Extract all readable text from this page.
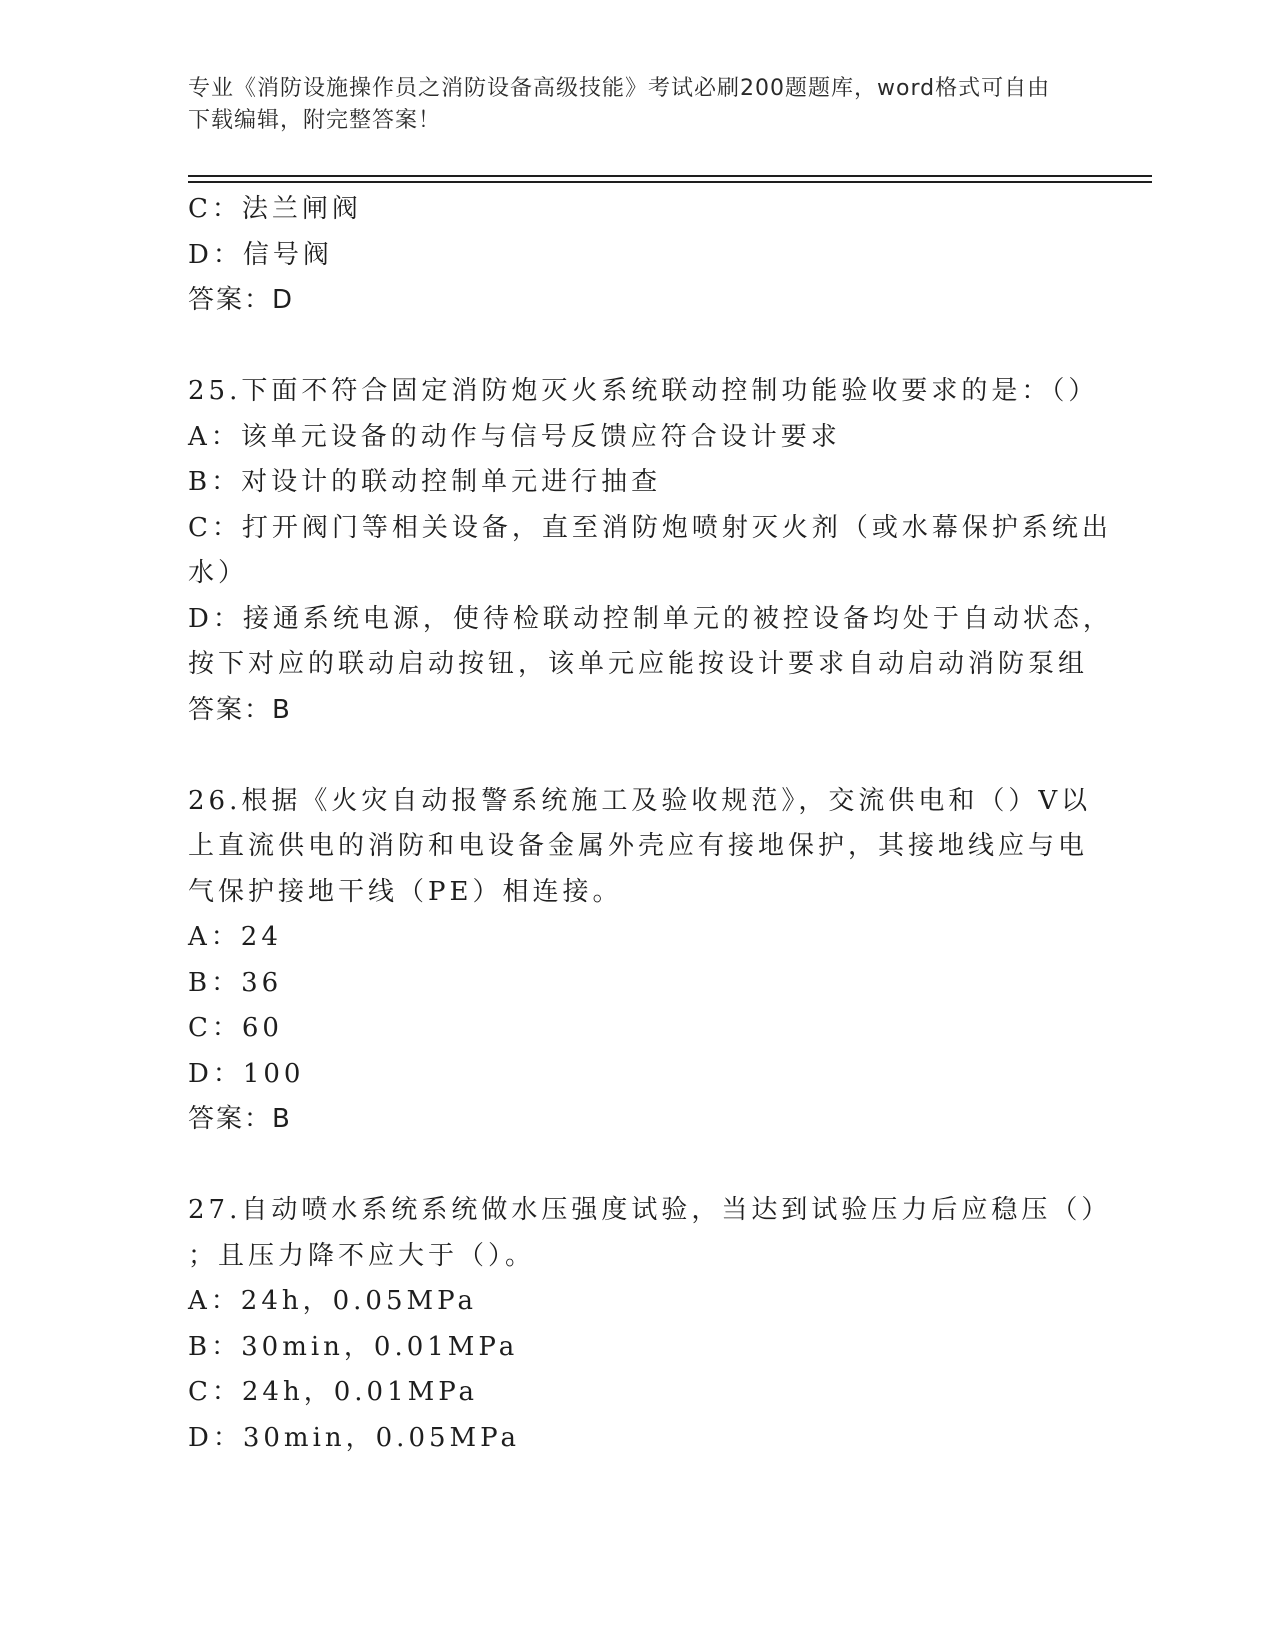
专业《消防设施操作员之消防设备高级技能》考试必刷200题题库，word格式可自由下载编辑，附完整答案！
C：法兰闸阀
D：信号阀
答案：D
25.下面不符合固定消防炮灭火系统联动控制功能验收要求的是：（）
A：该单元设备的动作与信号反馈应符合设计要求
B：对设计的联动控制单元进行抽查
C：打开阀门等相关设备，直至消防炮喷射灭火剂（或水幕保护系统出
水）
D：接通系统电源，使待检联动控制单元的被控设备均处于自动状态，
按下对应的联动启动按钮，该单元应能按设计要求自动启动消防泵组
答案：B
26.根据《火灾自动报警系统施工及验收规范》，交流供电和（）V以
上直流供电的消防和电设备金属外壳应有接地保护，其接地线应与电
气保护接地干线（PE）相连接。
A：24
B：36
C：60
D：100
答案：B
27.自动喷水系统系统做水压强度试验，当达到试验压力后应稳压（）
；且压力降不应大于（）。
A：24h，0.05MPa
B：30min，0.01MPa
C：24h，0.01MPa
D：30min，0.05MPa
